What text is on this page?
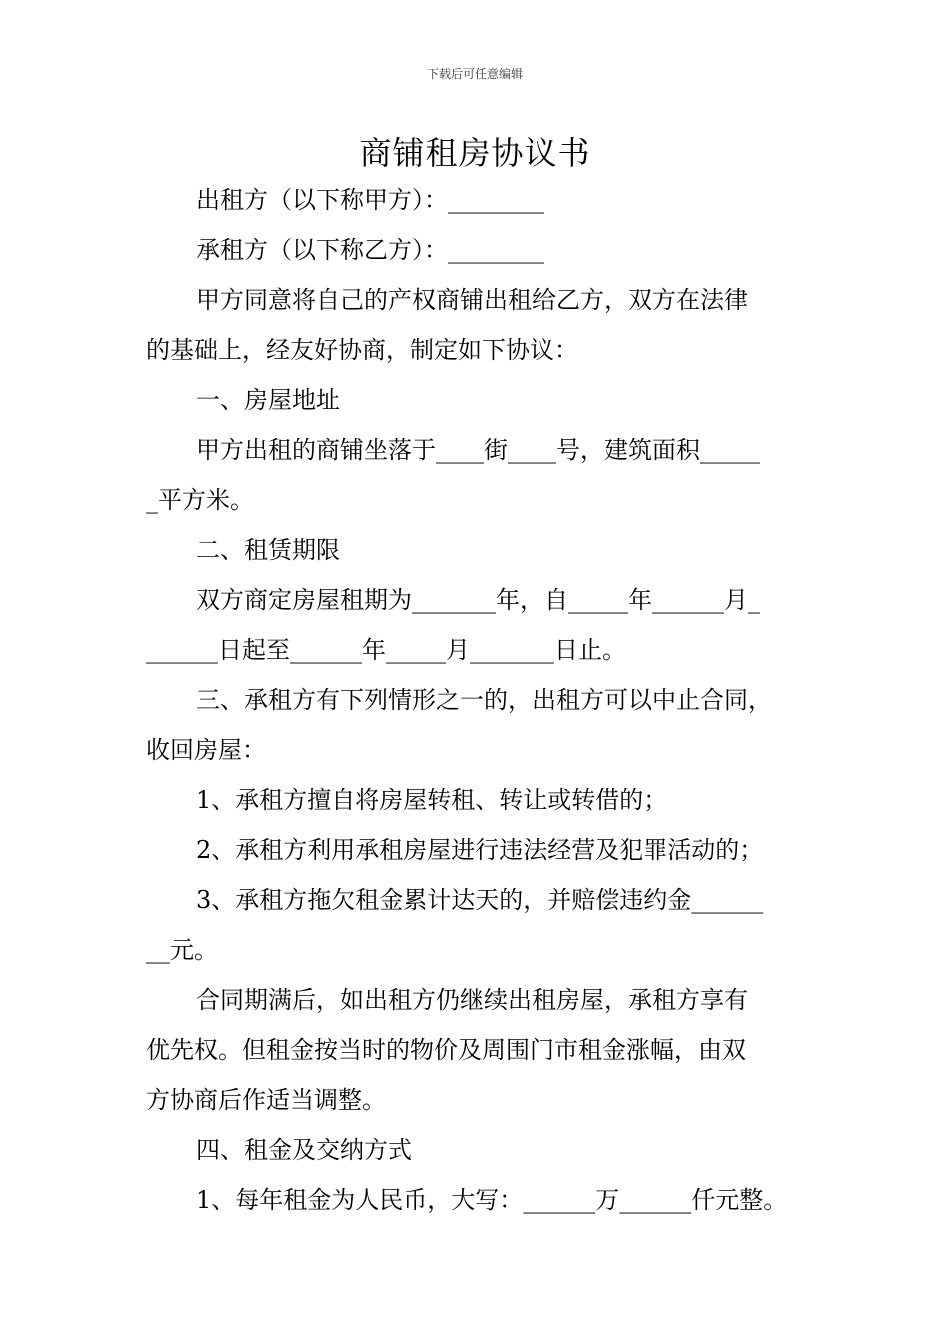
下载后可任意编辑
商铺租房协议书
出租方（以下称甲方）：________
承租方（以下称乙方）：________
甲方同意将自己的产权商铺出租给乙方，双方在法律
的基础上，经友好协商，制定如下协议：
一、房屋地址
甲方出租的商铺坐落于____街____号，建筑面积_____
_平方米。
二、租赁期限
双方商定房屋租期为_______年，自_____年______月_
______日起至______年_____月_______日止。
三、承租方有下列情形之一的，出租方可以中止合同，
收回房屋：
1、承租方擅自将房屋转租、转让或转借的；
2、承租方利用承租房屋进行违法经营及犯罪活动的；
3、承租方拖欠租金累计达天的，并赔偿违约金______
__元。
合同期满后，如出租方仍继续出租房屋，承租方享有
优先权。但租金按当时的物价及周围门市租金涨幅，由双
方协商后作适当调整。
四、租金及交纳方式
1、每年租金为人民币，大写：______万______仟元整。
